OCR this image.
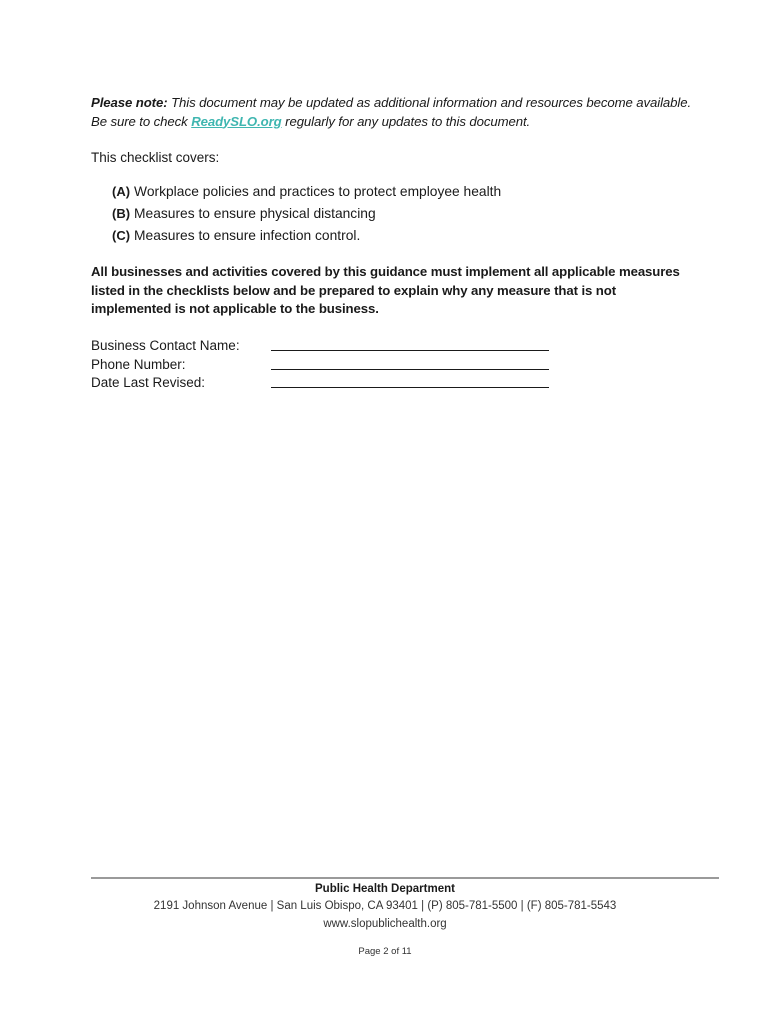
Please note: This document may be updated as additional information and resources become available. Be sure to check ReadySLO.org regularly for any updates to this document.
This checklist covers:
(A) Workplace policies and practices to protect employee health
(B) Measures to ensure physical distancing
(C) Measures to ensure infection control.
All businesses and activities covered by this guidance must implement all applicable measures listed in the checklists below and be prepared to explain why any measure that is not implemented is not applicable to the business.
Business Contact Name:
Phone Number:
Date Last Revised:
Public Health Department
2191 Johnson Avenue | San Luis Obispo, CA 93401 | (P) 805-781-5500 | (F) 805-781-5543
www.slopublichealth.org
Page 2 of 11
